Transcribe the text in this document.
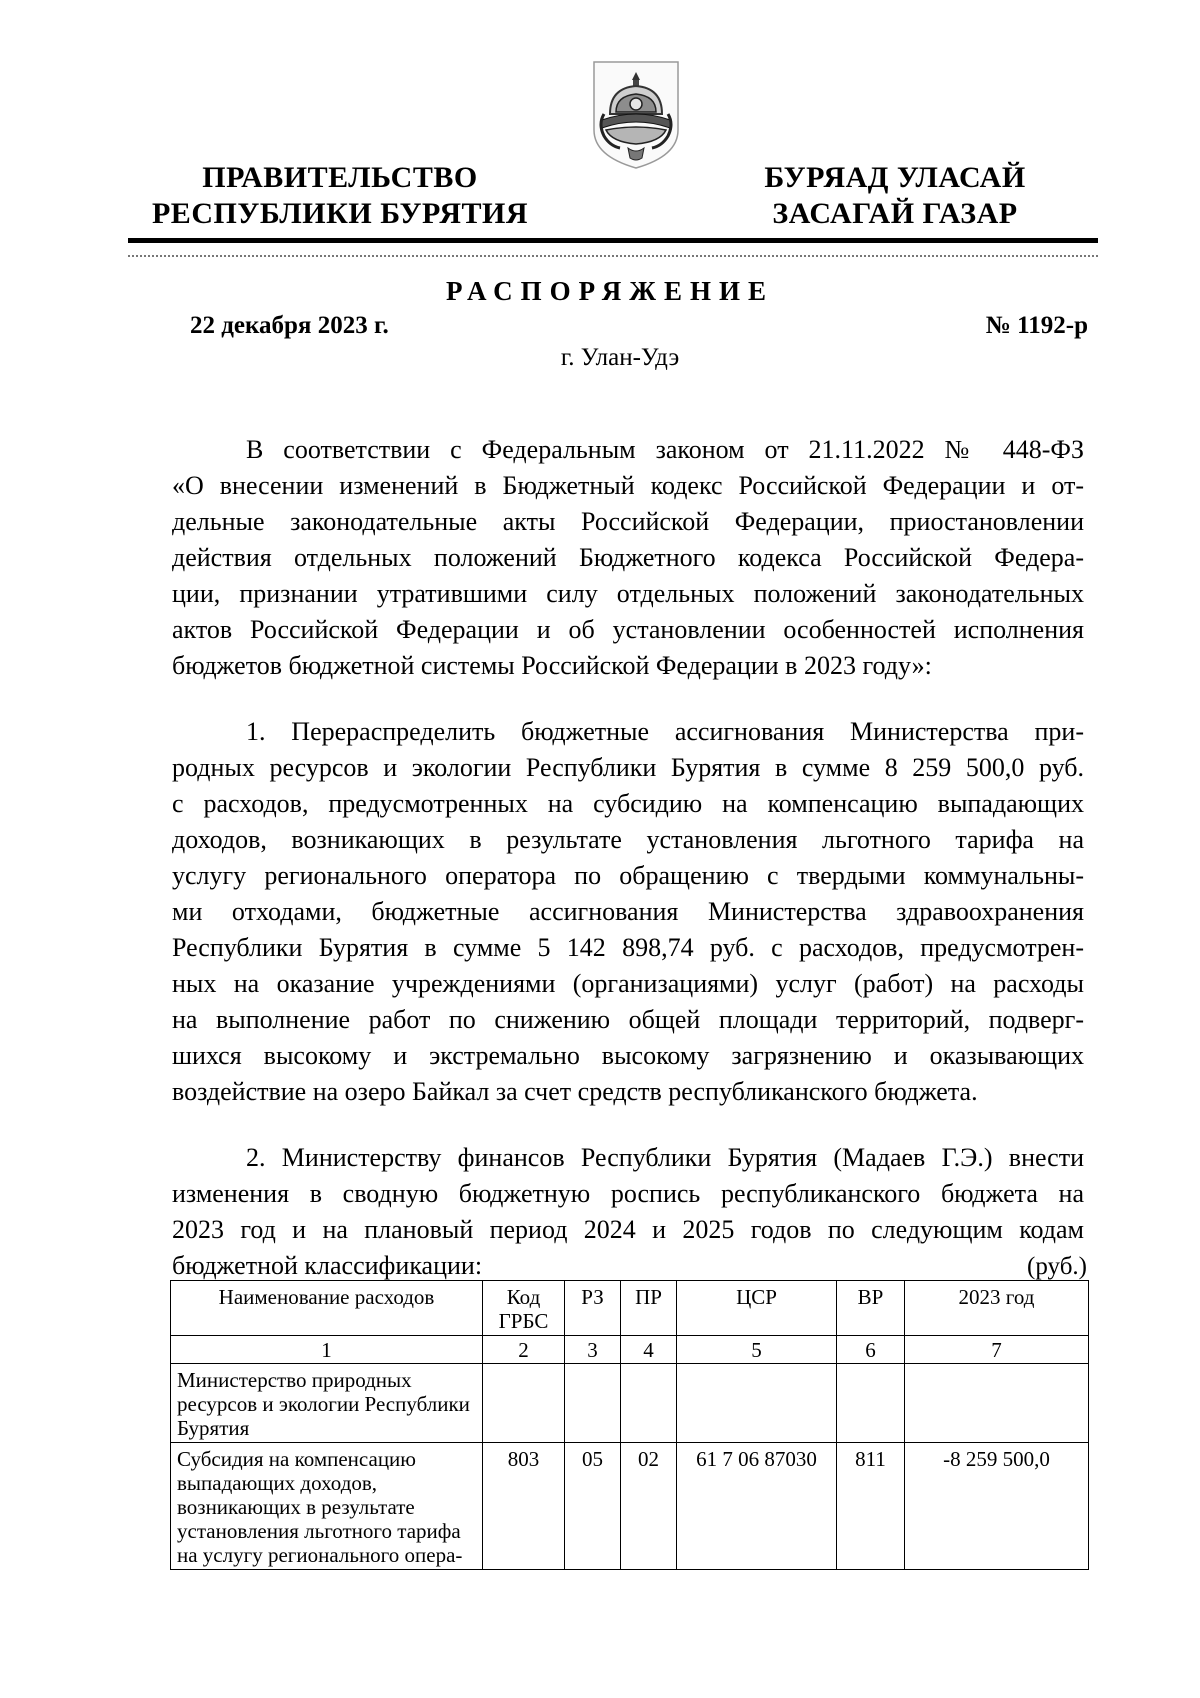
ПРАВИТЕЛЬСТВО
РЕСПУБЛИКИ БУРЯТИЯ
БУРЯАД УЛАСАЙ
ЗАСАГАЙ ГАЗАР
РАСПОРЯЖЕНИЕ
22 декабря 2023 г.	№ 1192-р
г. Улан-Удэ

В соответствии с Федеральным законом от 21.11.2022 № 448-ФЗ
«О внесении изменений в Бюджетный кодекс Российской Федерации и от-
дельные законодательные акты Российской Федерации, приостановлении
действия отдельных положений Бюджетного кодекса Российской Федера-
ции, признании утратившими силу отдельных положений законодательных
актов Российской Федерации и об установлении особенностей исполнения
бюджетов бюджетной системы Российской Федерации в 2023 году»:

1. Перераспределить бюджетные ассигнования Министерства при-
родных ресурсов и экологии Республики Бурятия в сумме 8 259 500,0 руб.
с расходов, предусмотренных на субсидию на компенсацию выпадающих
доходов, возникающих в результате установления льготного тарифа на
услугу регионального оператора по обращению с твердыми коммунальны-
ми отходами, бюджетные ассигнования Министерства здравоохранения
Республики Бурятия в сумме 5 142 898,74 руб. с расходов, предусмотрен-
ных на оказание учреждениями (организациями) услуг (работ) на расходы
на выполнение работ по снижению общей площади территорий, подверг-
шихся высокому и экстремально высокому загрязнению и оказывающих
воздействие на озеро Байкал за счет средств республиканского бюджета.

2. Министерству финансов Республики Бурятия (Мадаев Г.Э.) внести
изменения в сводную бюджетную роспись республиканского бюджета на
2023 год и на плановый период 2024 и 2025 годов по следующим кодам
бюджетной классификации:	(руб.)
Наименование расходов	Код ГРБС	РЗ	ПР	ЦСР	ВР	2023 год
1	2	3	4	5	6	7
Министерство природных ресурсов и экологии Республики Бурятия						
Субсидия на компенсацию выпадающих доходов, возникающих в результате установления льготного тарифа на услугу регионального опера-	803	05	02	61 7 06 87030	811	-8 259 500,0
